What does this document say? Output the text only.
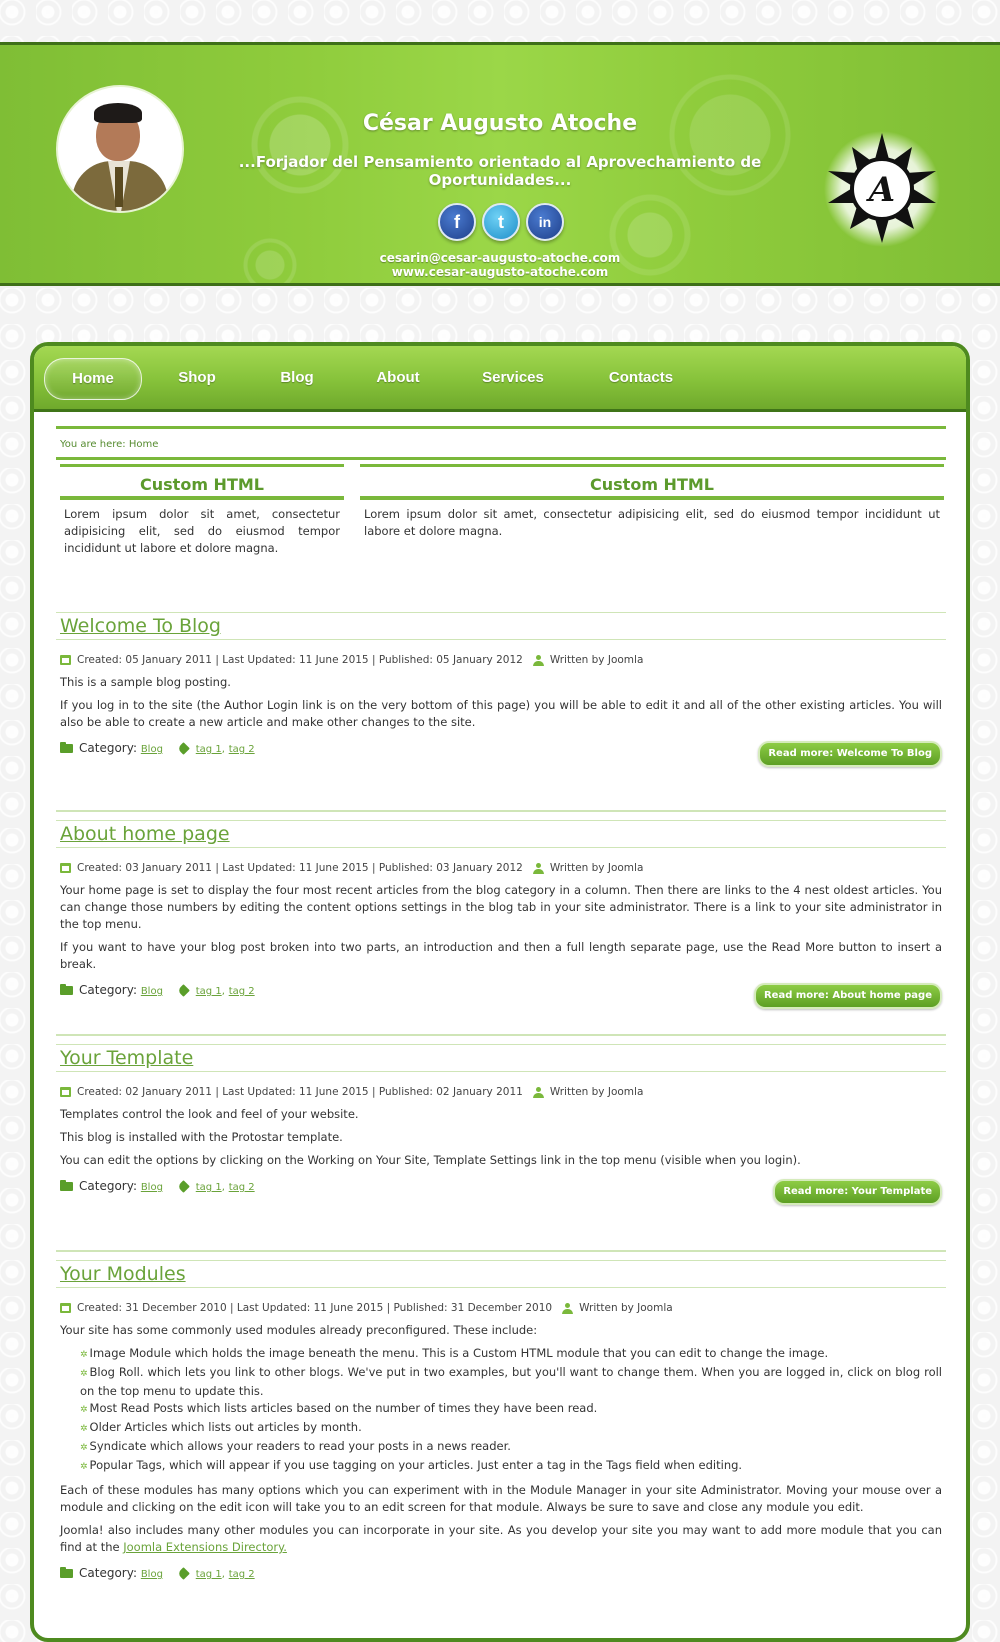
César Augusto Atoche
...Forjador del Pensamiento orientado al Aprovechamiento de Oportunidades...
f	t	in
cesarin@cesar-augusto-atoche.com
www.cesar-augusto-atoche.com
A
Home	Shop	Blog	About	Services	Contacts
You are here: Home
Custom HTML
Lorem ipsum dolor sit amet, consectetur adipisicing elit, sed do eiusmod tempor incididunt ut labore et dolore magna.
Custom HTML
Lorem ipsum dolor sit amet, consectetur adipisicing elit, sed do eiusmod tempor incididunt ut labore et dolore magna.
Welcome To Blog
Created: 05 January 2011 | Last Updated: 11 June 2015 | Published: 05 January 2012	Written by Joomla

This is a sample blog posting.

If you log in to the site (the Author Login link is on the very bottom of this page) you will be able to edit it and all of the other existing articles. You will also be able to create a new article and make other changes to the site.

Category: Blog	tag 1, tag 2	Read more: Welcome To Blog
About home page
Created: 03 January 2011 | Last Updated: 11 June 2015 | Published: 03 January 2012	Written by Joomla

Your home page is set to display the four most recent articles from the blog category in a column. Then there are links to the 4 nest oldest articles. You can change those numbers by editing the content options settings in the blog tab in your site administrator. There is a link to your site administrator in the top menu.

If you want to have your blog post broken into two parts, an introduction and then a full length separate page, use the Read More button to insert a break.

Category: Blog	tag 1, tag 2	Read more: About home page
Your Template
Created: 02 January 2011 | Last Updated: 11 June 2015 | Published: 02 January 2011	Written by Joomla

Templates control the look and feel of your website.

This blog is installed with the Protostar template.

You can edit the options by clicking on the Working on Your Site, Template Settings link in the top menu (visible when you login).

Category: Blog	tag 1, tag 2	Read more: Your Template
Your Modules
Created: 31 December 2010 | Last Updated: 11 June 2015 | Published: 31 December 2010	Written by Joomla

Your site has some commonly used modules already preconfigured. These include:

✲ Image Module which holds the image beneath the menu. This is a Custom HTML module that you can edit to change the image.
✲ Blog Roll. which lets you link to other blogs. We've put in two examples, but you'll want to change them. When you are logged in, click on blog roll on the top menu to update this.
✲ Most Read Posts which lists articles based on the number of times they have been read.
✲ Older Articles which lists out articles by month.
✲ Syndicate which allows your readers to read your posts in a news reader.
✲ Popular Tags, which will appear if you use tagging on your articles. Just enter a tag in the Tags field when editing.

Each of these modules has many options which you can experiment with in the Module Manager in your site Administrator. Moving your mouse over a module and clicking on the edit icon will take you to an edit screen for that module. Always be sure to save and close any module you edit.

Joomla! also includes many other modules you can incorporate in your site. As you develop your site you may want to add more module that you can find at the Joomla Extensions Directory.

Category: Blog	tag 1, tag 2
